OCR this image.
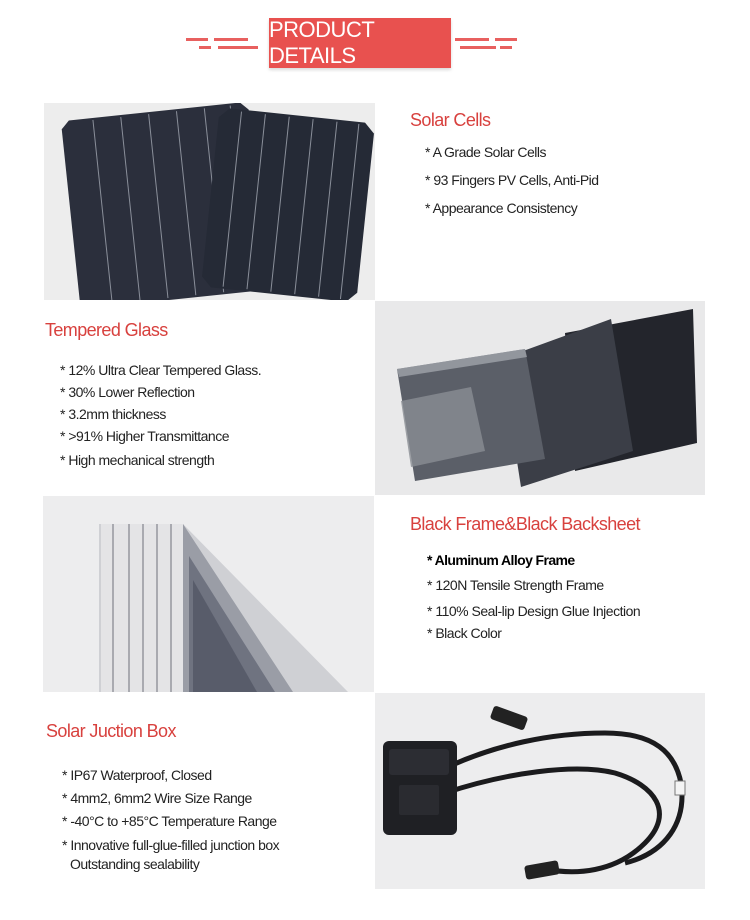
PRODUCT DETAILS
Solar Cells
* A Grade Solar Cells
* 93 Fingers PV Cells, Anti-Pid
* Appearance Consistency
Tempered Glass
* 12% Ultra Clear Tempered Glass.
* 30% Lower Reflection
* 3.2mm thickness
* >91% Higher Transmittance
* High mechanical strength
Black Frame&Black Backsheet
* Aluminum Alloy Frame
* 120N Tensile Strength Frame
* 110% Seal-lip Design Glue Injection
* Black Color
Solar Juction Box
* IP67 Waterproof, Closed
* 4mm2, 6mm2 Wire Size Range
* -40°C to +85°C Temperature Range
* Innovative full-glue-filled junction box
Outstanding sealability
